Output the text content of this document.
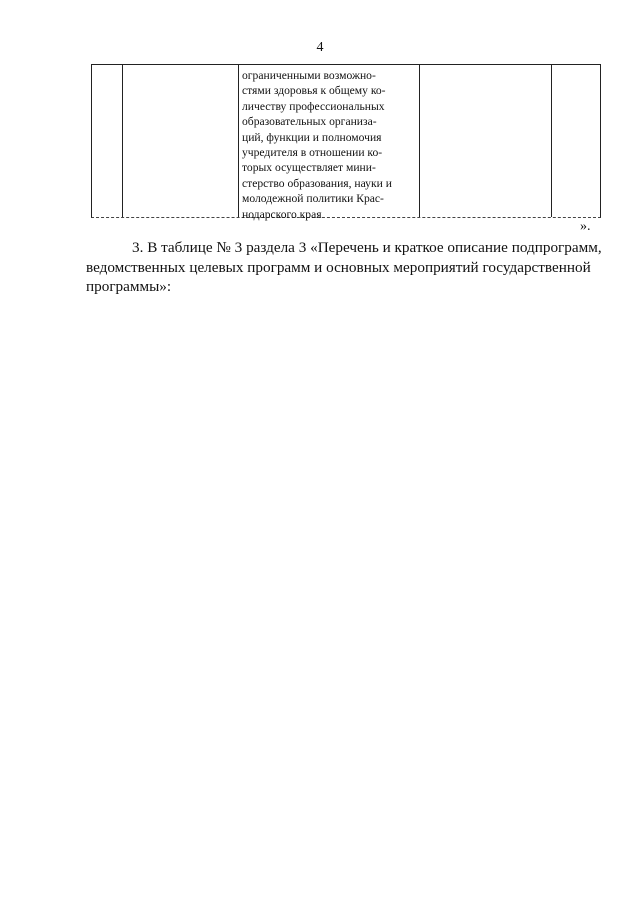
4
ограниченными возможно-
стями здоровья к общему ко-
личеству профессиональных
образовательных организа-
ций, функции и полномочия
учредителя в отношении ко-
торых осуществляет мини-
стерство образования, науки и
молодежной политики Крас-
нодарского края
».
3. В таблице № 3 раздела 3 «Перечень и краткое описание подпрограмм,
ведомственных целевых программ и основных мероприятий государственной
программы»:
